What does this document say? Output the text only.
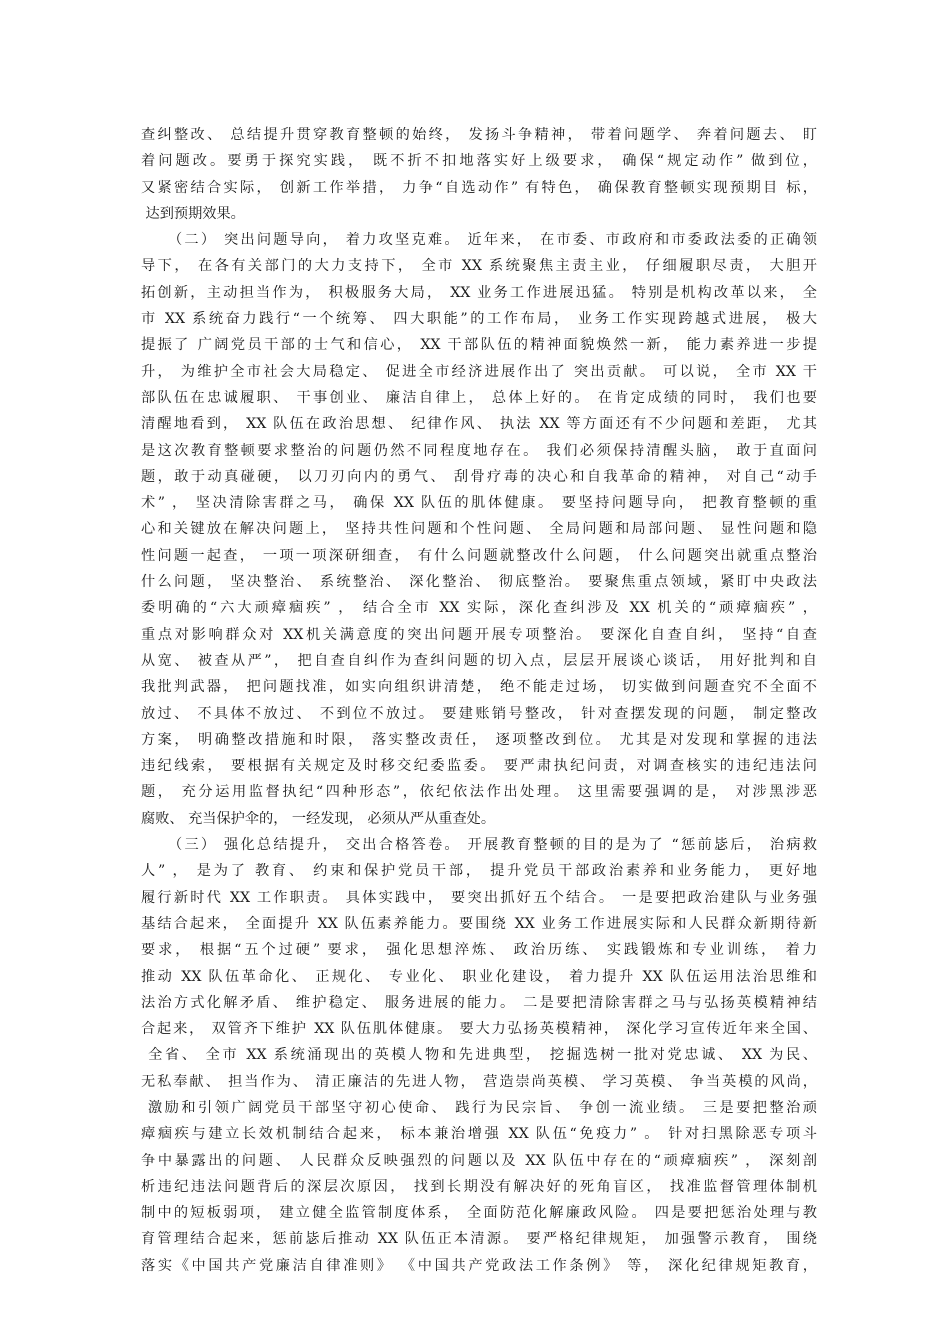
查纠整改、 总结提升贯穿教育整顿的始终， 发扬斗争精神， 带着问题学、 奔着问题去、 盯
着问题改。要勇于探究实践， 既不折不扣地落实好上级要求， 确保“规定动作” 做到位，
又紧密结合实际， 创新工作举措， 力争“自选动作” 有特色， 确保教育整顿实现预期目 标，
达到预期效果。
（二） 突出问题导向， 着力攻坚克难。 近年来， 在市委、市政府和市委政法委的正确领
导下， 在各有关部门的大力支持下， 全市 XX 系统聚焦主责主业， 仔细履职尽责， 大胆开
拓创新，主动担当作为， 积极服务大局， XX 业务工作进展迅猛。 特别是机构改革以来， 全
市 XX 系统奋力践行“一个统筹、 四大职能”的工作布局， 业务工作实现跨越式进展， 极大
提振了 广阔党员干部的士气和信心， XX 干部队伍的精神面貌焕然一新， 能力素养进一步提
升， 为维护全市社会大局稳定、 促进全市经济进展作出了 突出贡献。 可以说， 全市 XX 干
部队伍在忠诚履职、 干事创业、 廉洁自律上， 总体上好的。 在肯定成绩的同时， 我们也要
清醒地看到， XX 队伍在政治思想、 纪律作风、 执法 XX 等方面还有不少问题和差距， 尤其
是这次教育整顿要求整治的问题仍然不同程度地存在。 我们必须保持清醒头脑， 敢于直面问
题，敢于动真碰硬， 以刀刃向内的勇气、 刮骨疗毒的决心和自我革命的精神， 对自己“动手
术” ， 坚决清除害群之马， 确保 XX 队伍的肌体健康。 要坚持问题导向， 把教育整顿的重
心和关键放在解决问题上， 坚持共性问题和个性问题、 全局问题和局部问题、 显性问题和隐
性问题一起查， 一项一项深研细查， 有什么问题就整改什么问题， 什么问题突出就重点整治
什么问题， 坚决整治、 系统整治、 深化整治、 彻底整治。 要聚焦重点领域，紧盯中央政法
委明确的“六大顽瘴痼疾” ， 结合全市 XX 实际，深化查纠涉及 XX 机关的“顽瘴痼疾” ，
重点对影响群众对 XX机关满意度的突出问题开展专项整治。 要深化自查自纠， 坚持“自查
从宽、 被查从严”， 把自查自纠作为查纠问题的切入点，层层开展谈心谈话， 用好批判和自
我批判武器， 把问题找准，如实向组织讲清楚， 绝不能走过场， 切实做到问题查究不全面不
放过、 不具体不放过、 不到位不放过。 要建账销号整改， 针对查摆发现的问题， 制定整改
方案， 明确整改措施和时限， 落实整改责任， 逐项整改到位。 尤其是对发现和掌握的违法
违纪线索， 要根据有关规定及时移交纪委监委。 要严肃执纪问责，对调查核实的违纪违法问
题， 充分运用监督执纪“四种形态”，依纪依法作出处理。 这里需要强调的是， 对涉黑涉恶
腐败、 充当保护伞的， 一经发现， 必须从严从重查处。
（三） 强化总结提升， 交出合格答卷。 开展教育整顿的目的是为了 “惩前毖后， 治病救
人” ， 是为了 教育、 约束和保护党员干部， 提升党员干部政治素养和业务能力， 更好地
履行新时代 XX 工作职责。 具体实践中， 要突出抓好五个结合。 一是要把政治建队与业务强
基结合起来， 全面提升 XX 队伍素养能力。要围绕 XX 业务工作进展实际和人民群众新期待新
要求， 根据“五个过硬” 要求， 强化思想淬炼、 政治历练、 实践锻炼和专业训练， 着力
推动 XX 队伍革命化、 正规化、 专业化、 职业化建设， 着力提升 XX 队伍运用法治思维和
法治方式化解矛盾、 维护稳定、 服务进展的能力。 二是要把清除害群之马与弘扬英模精神结
合起来， 双管齐下维护 XX 队伍肌体健康。 要大力弘扬英模精神， 深化学习宣传近年来全国、
全省、 全市 XX 系统涌现出的英模人物和先进典型， 挖掘选树一批对党忠诚、 XX 为民、
无私奉献、 担当作为、 清正廉洁的先进人物， 营造崇尚英模、 学习英模、 争当英模的风尚，
激励和引领广阔党员干部坚守初心使命、 践行为民宗旨、 争创一流业绩。 三是要把整治顽
瘴痼疾与建立长效机制结合起来， 标本兼治增强 XX 队伍“免疫力” 。 针对扫黑除恶专项斗
争中暴露出的问题、 人民群众反映强烈的问题以及 XX 队伍中存在的“顽瘴痼疾” ， 深刻剖
析违纪违法问题背后的深层次原因， 找到长期没有解决好的死角盲区， 找准监督管理体制机
制中的短板弱项， 建立健全监管制度体系， 全面防范化解廉政风险。 四是要把惩治处理与教
育管理结合起来，惩前毖后推动 XX 队伍正本清源。 要严格纪律规矩， 加强警示教育， 围绕
落实《中国共产党廉洁自律准则》 《中国共产党政法工作条例》 等， 深化纪律规矩教育，
